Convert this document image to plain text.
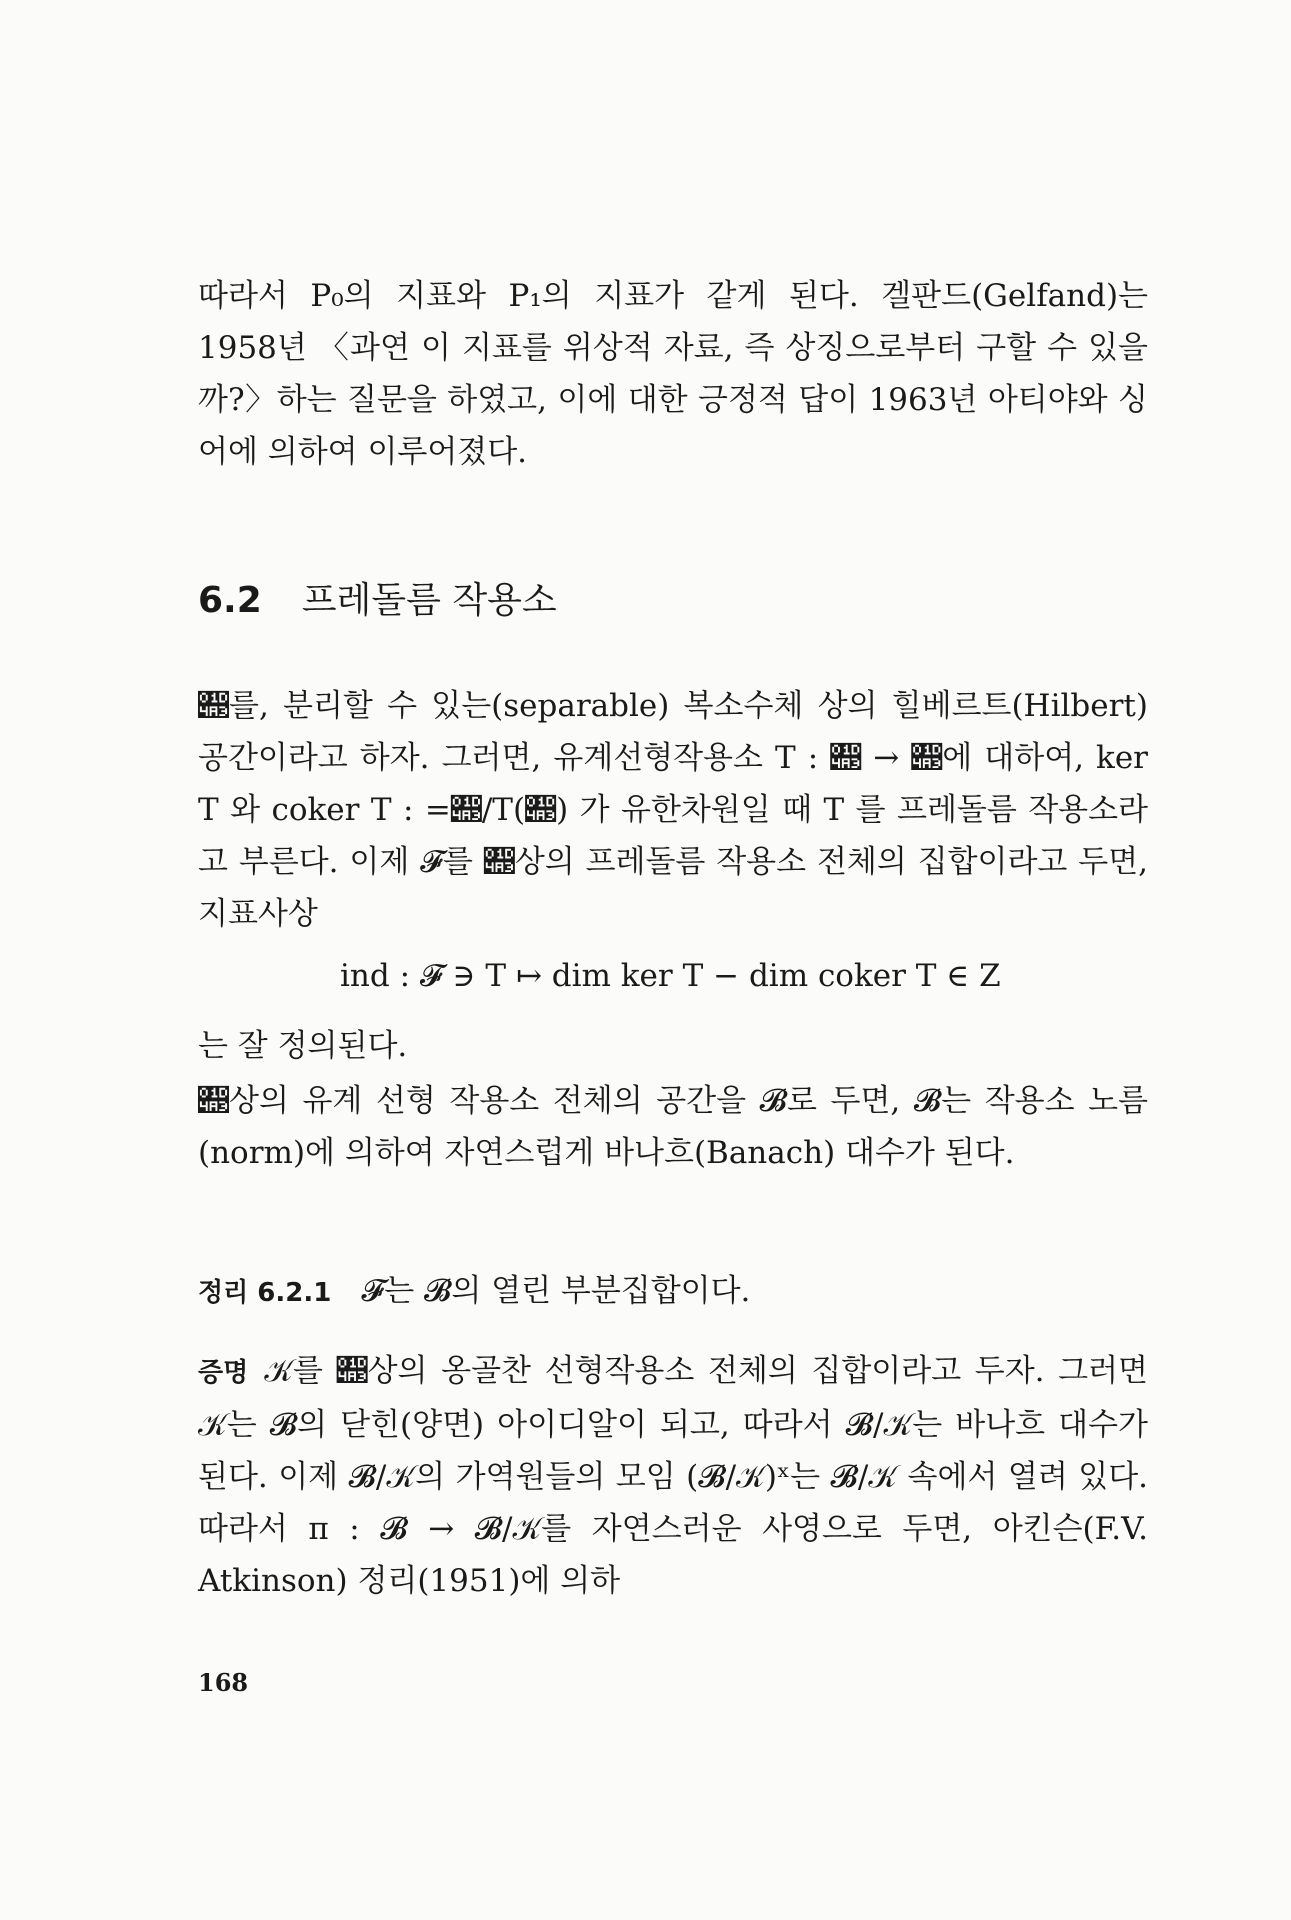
따라서 P₀의 지표와 P₁의 지표가 같게 된다. 겔판드(Gelfand)는 1958년 〈과연 이 지표를 위상적 자료, 즉 상징으로부터 구할 수 있을까?〉하는 질문을 하였고, 이에 대한 긍정적 답이 1963년 아티야와 싱어에 의하여 이루어졌다.
6.2 프레돌름 작용소
𝒣를, 분리할 수 있는(separable) 복소수체 상의 힐베르트(Hilbert)공간이라고 하자. 그러면, 유계선형작용소 T : 𝒣 → 𝒣에 대하여, ker T 와 coker T : =𝒣/T(𝒣) 가 유한차원일 때 T 를 프레돌름 작용소라고 부른다. 이제 𝓕를 𝒣상의 프레돌름 작용소 전체의 집합이라고 두면, 지표사상
ind : 𝓕 ∋ T ↦ dim ker T − dim coker T ∈ Z
는 잘 정의된다.
𝒣상의 유계 선형 작용소 전체의 공간을 𝓑로 두면, 𝓑는 작용소 노름(norm)에 의하여 자연스럽게 바나흐(Banach) 대수가 된다.
정리 6.2.1 𝓕는 𝓑의 열린 부분집합이다.
증명 𝒦를 𝒣상의 옹골찬 선형작용소 전체의 집합이라고 두자. 그러면 𝒦는 𝓑의 닫힌(양면) 아이디알이 되고, 따라서 𝓑/𝒦는 바나흐 대수가 된다. 이제 𝓑/𝒦의 가역원들의 모임 (𝓑/𝒦)ˣ는 𝓑/𝒦 속에서 열려 있다. 따라서 π : 𝓑 → 𝓑/𝒦를 자연스러운 사영으로 두면, 아킨슨(F.V. Atkinson) 정리(1951)에 의하
168
